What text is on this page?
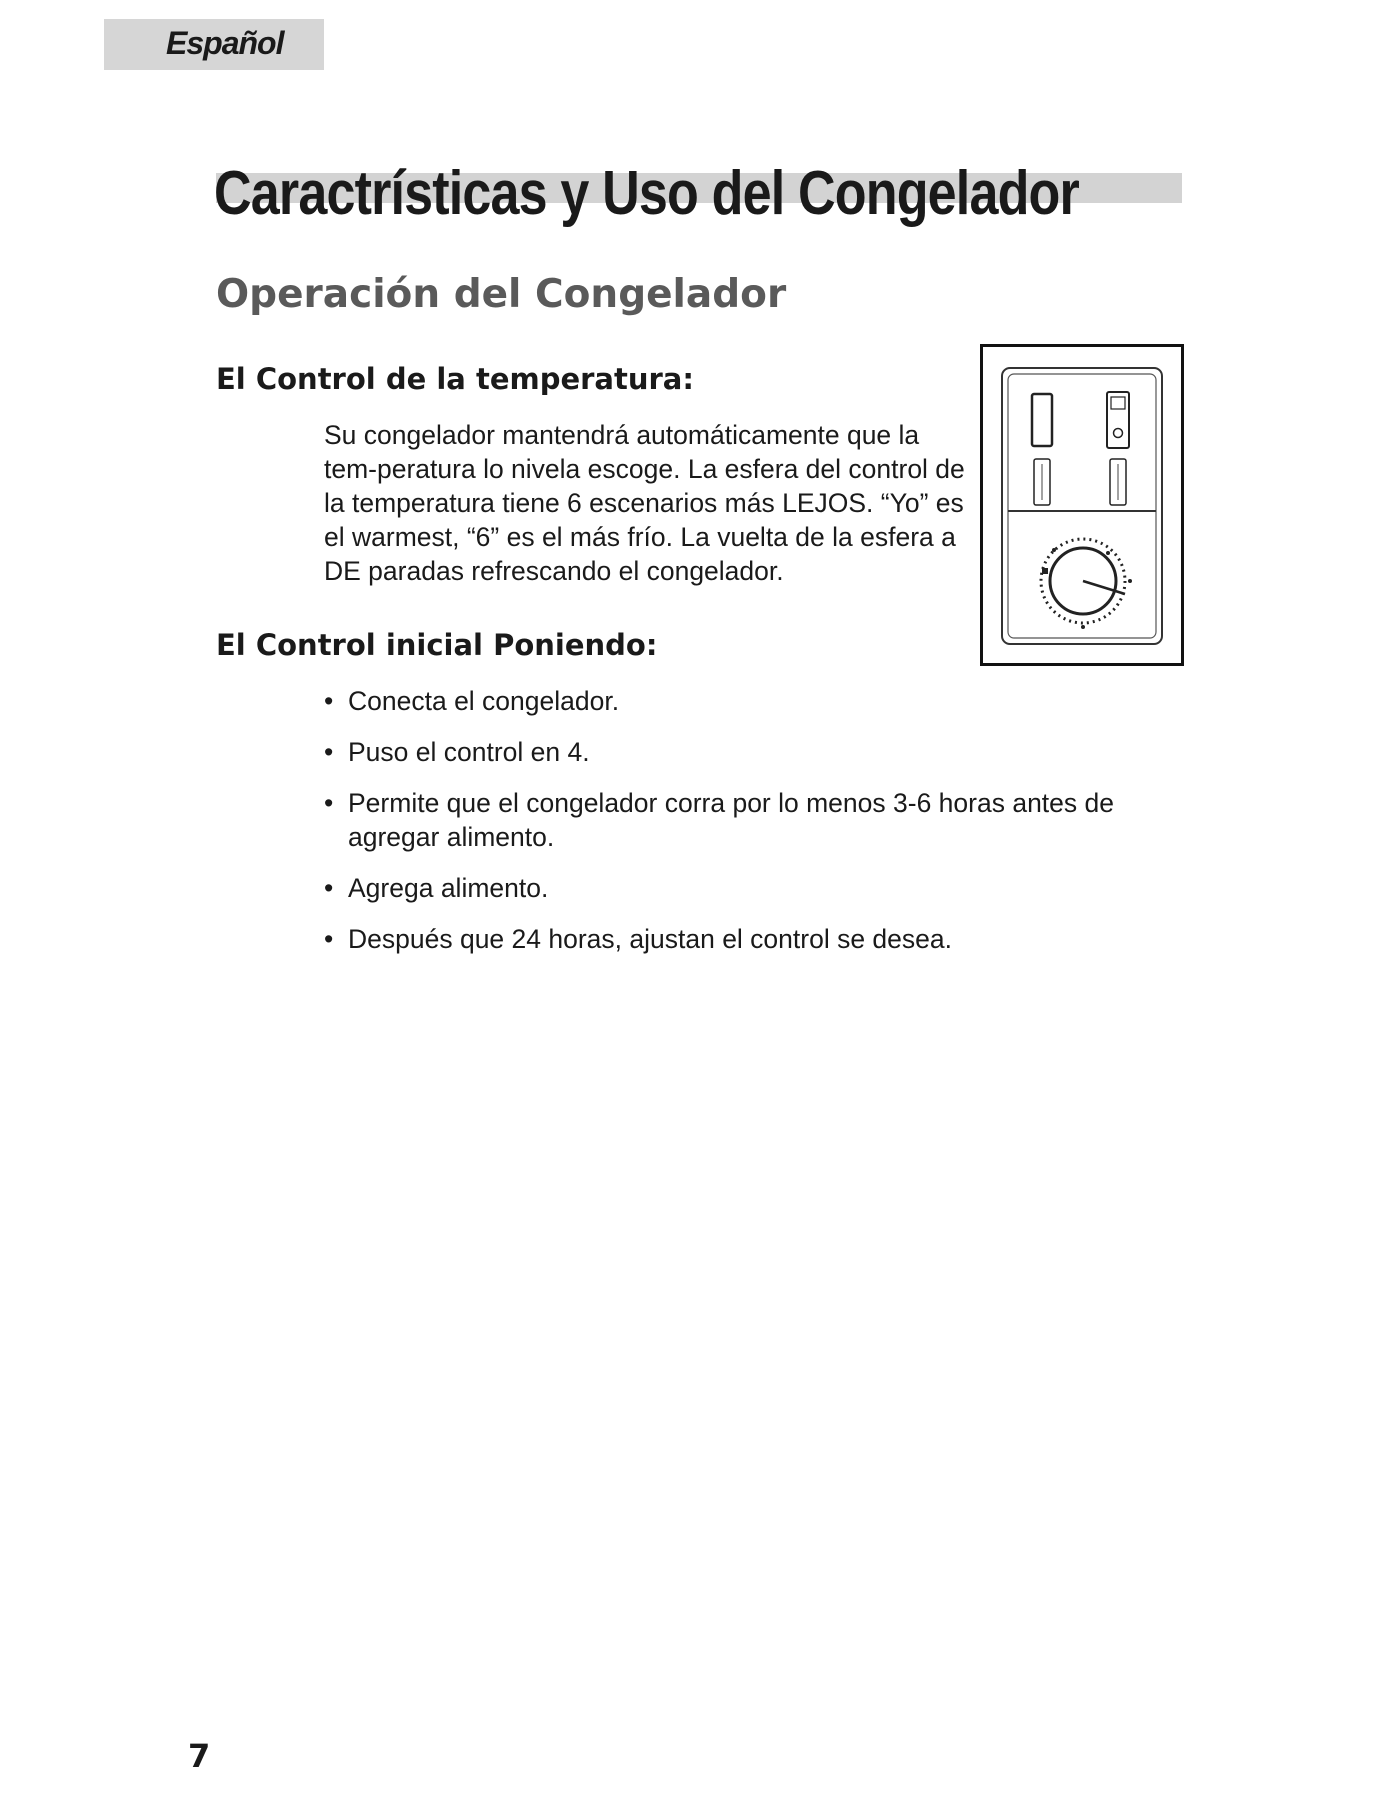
Español
Caractrísticas y Uso del Congelador
Operación del Congelador
El Control de la temperatura:

Su congelador mantendrá automáticamente que la tem-peratura lo nivela escoge. La esfera del control de la temperatura tiene 6 escenarios más LEJOS. “Yo” es el warmest, “6” es el más frío. La vuelta de la esfera a DE paradas refrescando el congelador.

El Control inicial Poniendo:
• Conecta el congelador.
• Puso el control en 4.
• Permite que el congelador corra por lo menos 3-6 horas antes de agregar alimento.
• Agrega alimento.
• Después que 24 horas, ajustan el control se desea.

7
